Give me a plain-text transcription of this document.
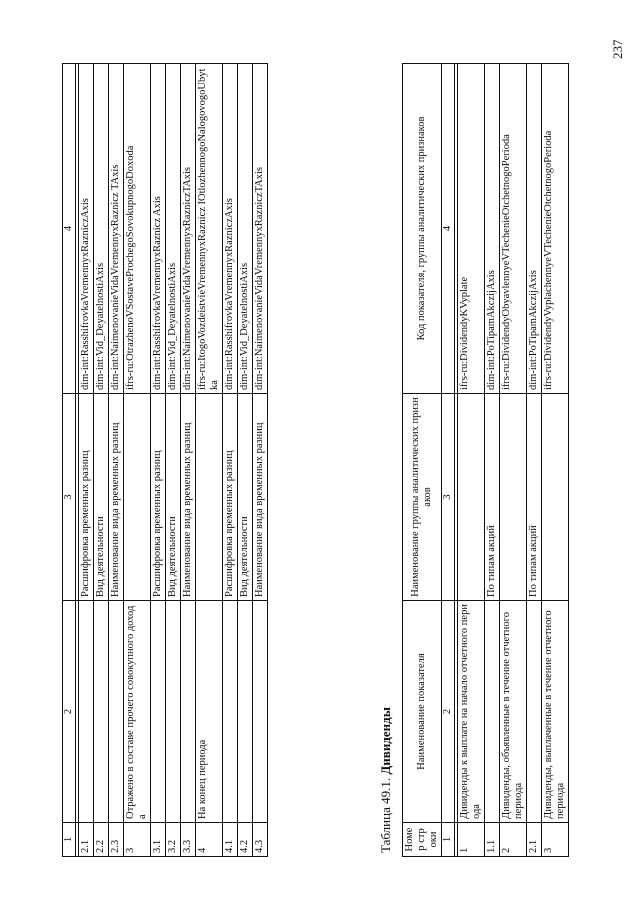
1	2	3	4

2.1		Расшифровка временных разниц	dim-int:RasshifrovkaVremennyxRazniczAxis
2.2		Вид деятельности	dim-int:Vid_DeyatelnostiAxis
2.3		Наименование вида временных разниц	dim-int:NaimenovanieVidaVremennyxRaznicz TAxis
3	Отражено в составе прочего совокупного дохода		ifrs-ru:OtrazhenoVSostaveProchegoSovokupnogoDoxoda
3.1		Расшифровка временных разниц	dim-int:RasshifrovkaVremennyxRaznicz Axis
3.2		Вид деятельности	dim-int:Vid_DeyatelnostiAxis
3.3		Наименование вида временных разниц	dim-int:NaimenovanieVidaVremennyxRazniczTAxis
4	На конец периода		ifrs-ru:ItogoVozdeistvieVremennyxRaznicz IOtlozhennogoNalogovogoUbytka
4.1		Расшифровка временных разниц	dim-int:RasshifrovkaVremennyxRazniczAxis
4.2		Вид деятельности	dim-int:Vid_DeyatelnostiAxis
4.3		Наименование вида временных разниц	dim-int:NaimenovanieVidaVremennyxRazniczTAxis
Таблица 49.1. Дивиденды
Номер строки	Наименование показателя	Наименование группы аналитических признаков	Код показателя, группы аналитических признаков
1	2	3	4

1	Дивиденды к выплате на начало отчетного периода		ifrs-ru:DividendyKVyplate
1.1		По типам акций	dim-int:PoTipamAkczijAxis
2	Дивиденды, объявленные в течение отчетного периода		ifrs-ru:DividendyObyavlennyeVTechenieOtchetnogoPerioda
2.1		По типам акций	dim-int:PoTipamAkczijAxis
3	Дивиденды, выплаченные в течение отчетного периода		ifrs-ru:DividendyVyplachennyeVTechenieOtchetnogoPerioda
237
